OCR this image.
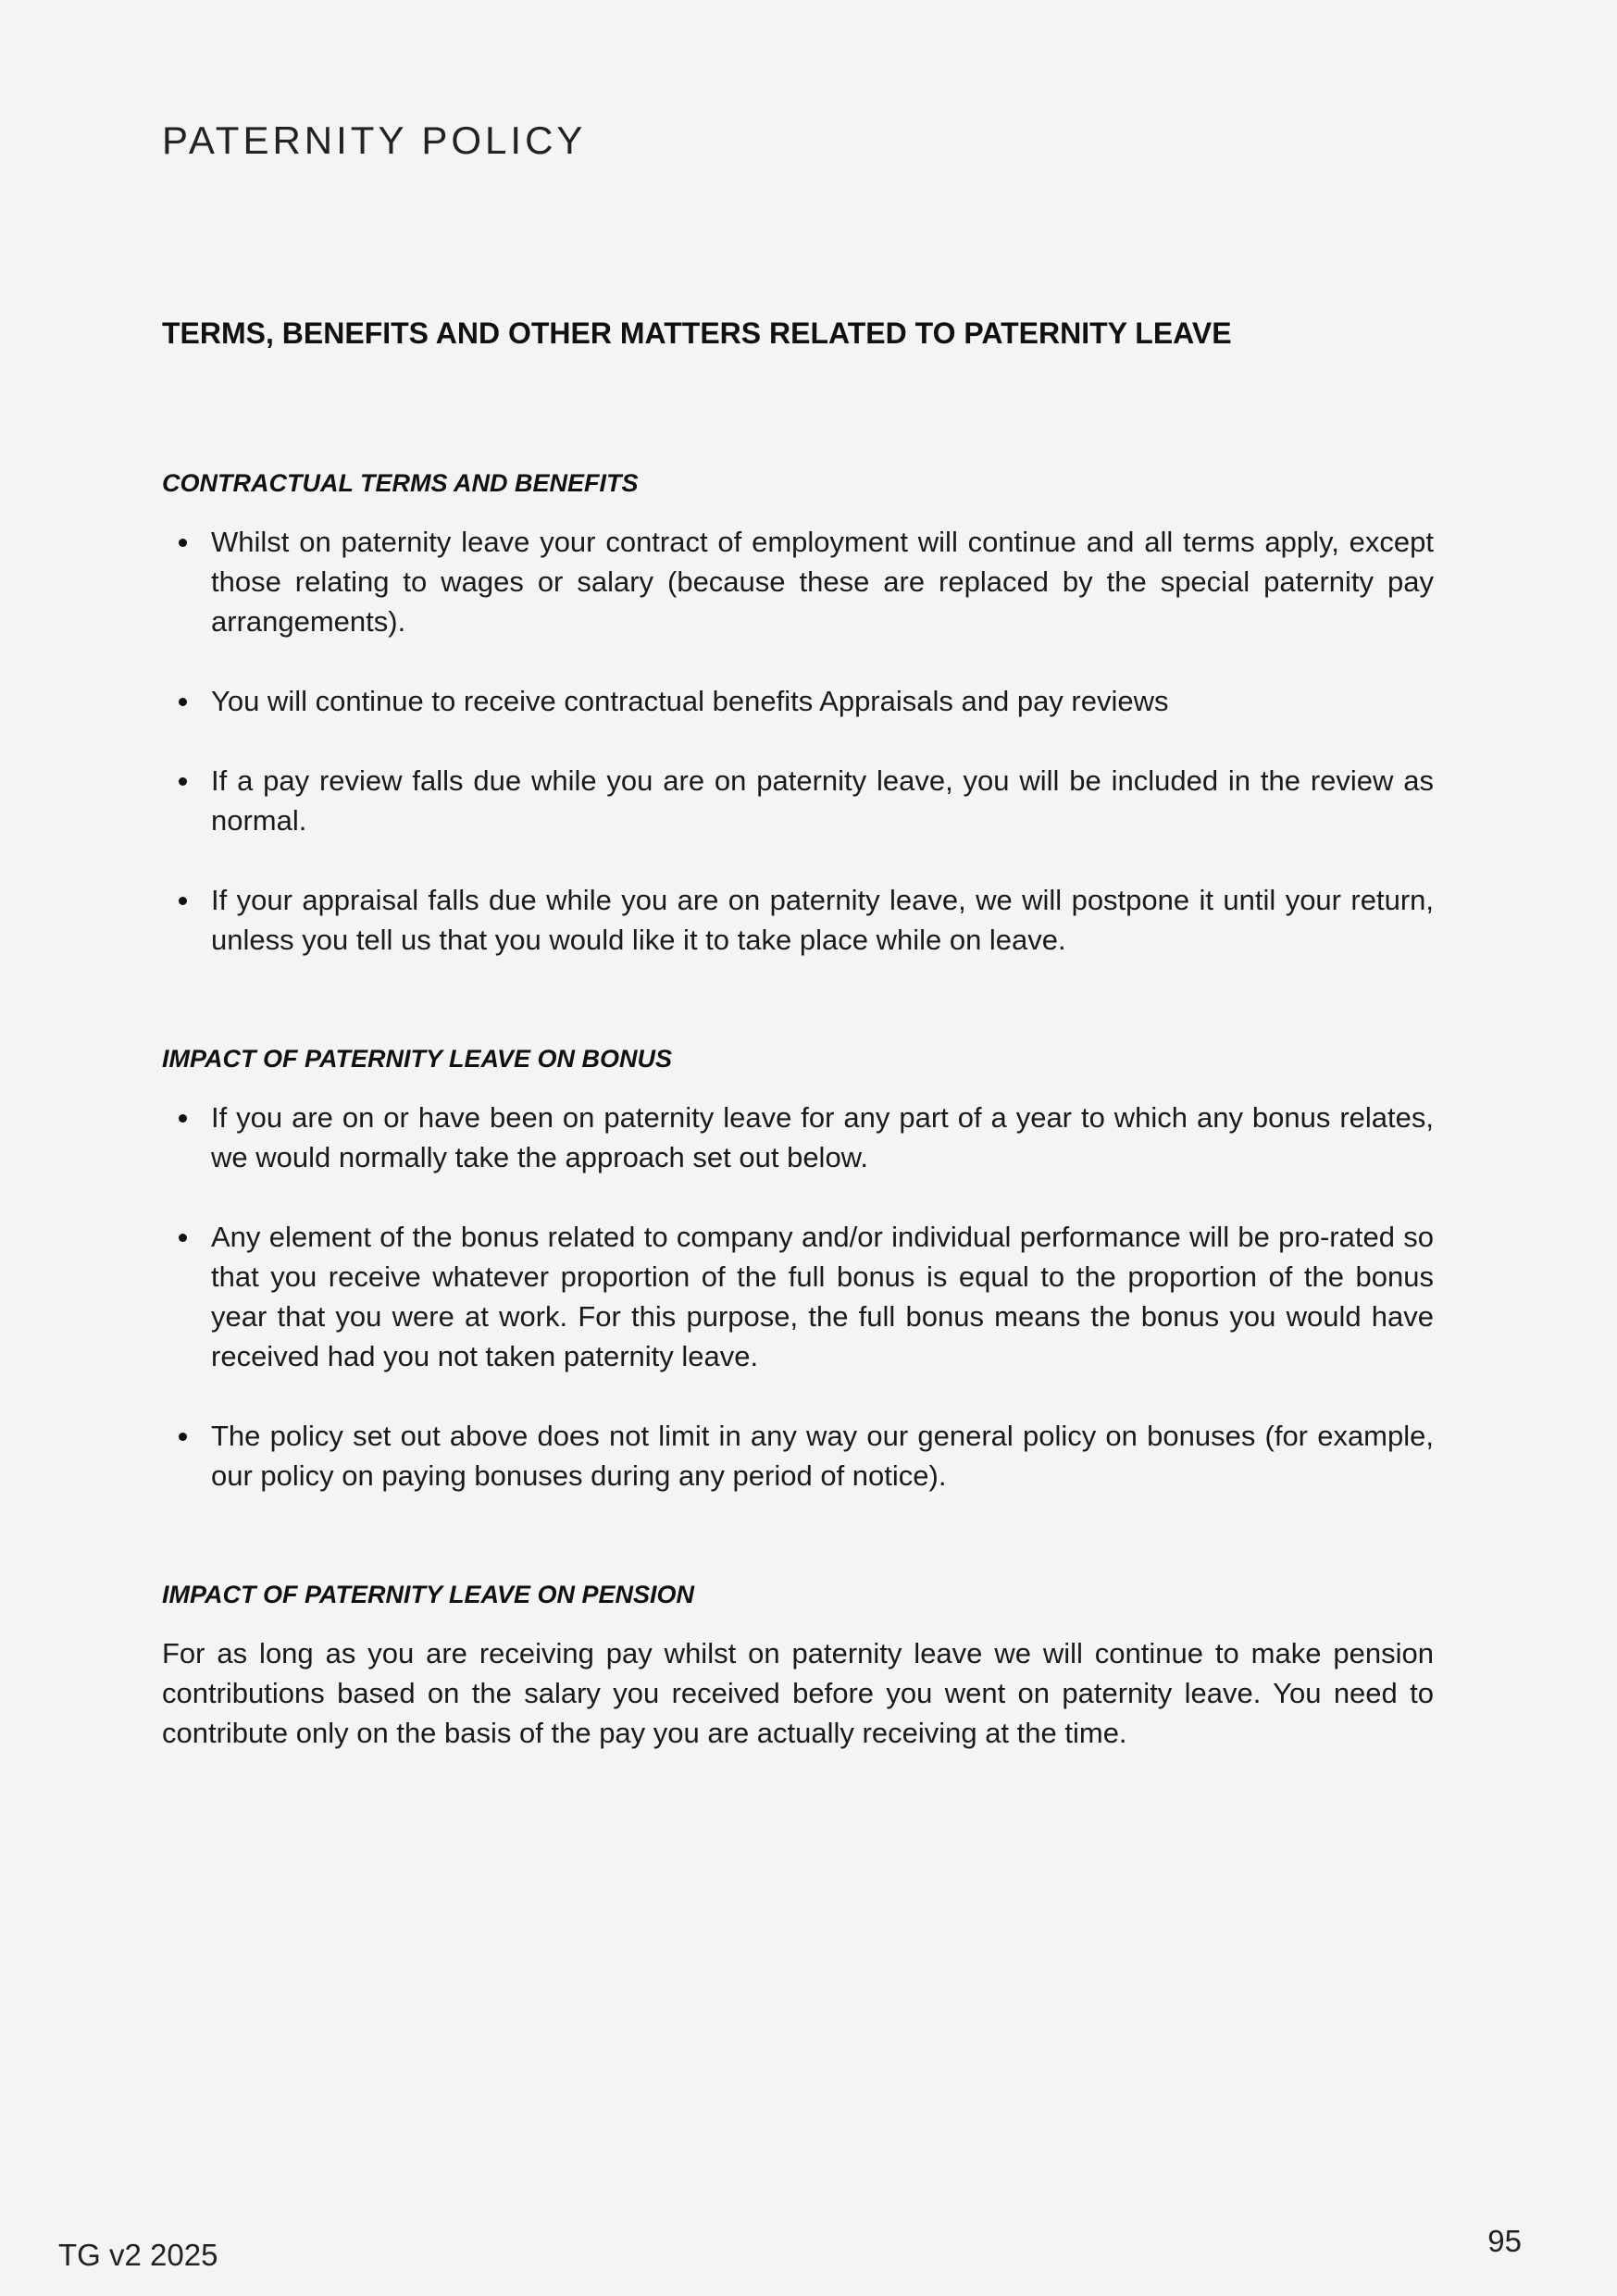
PATERNITY POLICY
TERMS, BENEFITS AND OTHER MATTERS RELATED TO PATERNITY LEAVE
CONTRACTUAL TERMS AND BENEFITS
Whilst on paternity leave your contract of employment will continue and all terms apply, except those relating to wages or salary (because these are replaced by the special paternity pay arrangements).
You will continue to receive contractual benefits Appraisals and pay reviews
If a pay review falls due while you are on paternity leave, you will be included in the review as normal.
If your appraisal falls due while you are on paternity leave, we will postpone it until your return, unless you tell us that you would like it to take place while on leave.
IMPACT OF PATERNITY LEAVE ON BONUS
If you are on or have been on paternity leave for any part of a year to which any bonus relates, we would normally take the approach set out below.
Any element of the bonus related to company and/or individual performance will be pro-rated so that you receive whatever proportion of the full bonus is equal to the proportion of the bonus year that you were at work. For this purpose, the full bonus means the bonus you would have received had you not taken paternity leave.
The policy set out above does not limit in any way our general policy on bonuses (for example, our policy on paying bonuses during any period of notice).
IMPACT OF PATERNITY LEAVE ON PENSION

For as long as you are receiving pay whilst on paternity leave we will continue to make pension contributions based on the salary you received before you went on paternity leave. You need to contribute only on the basis of the pay you are actually receiving at the time.

TG v2 2025	95
